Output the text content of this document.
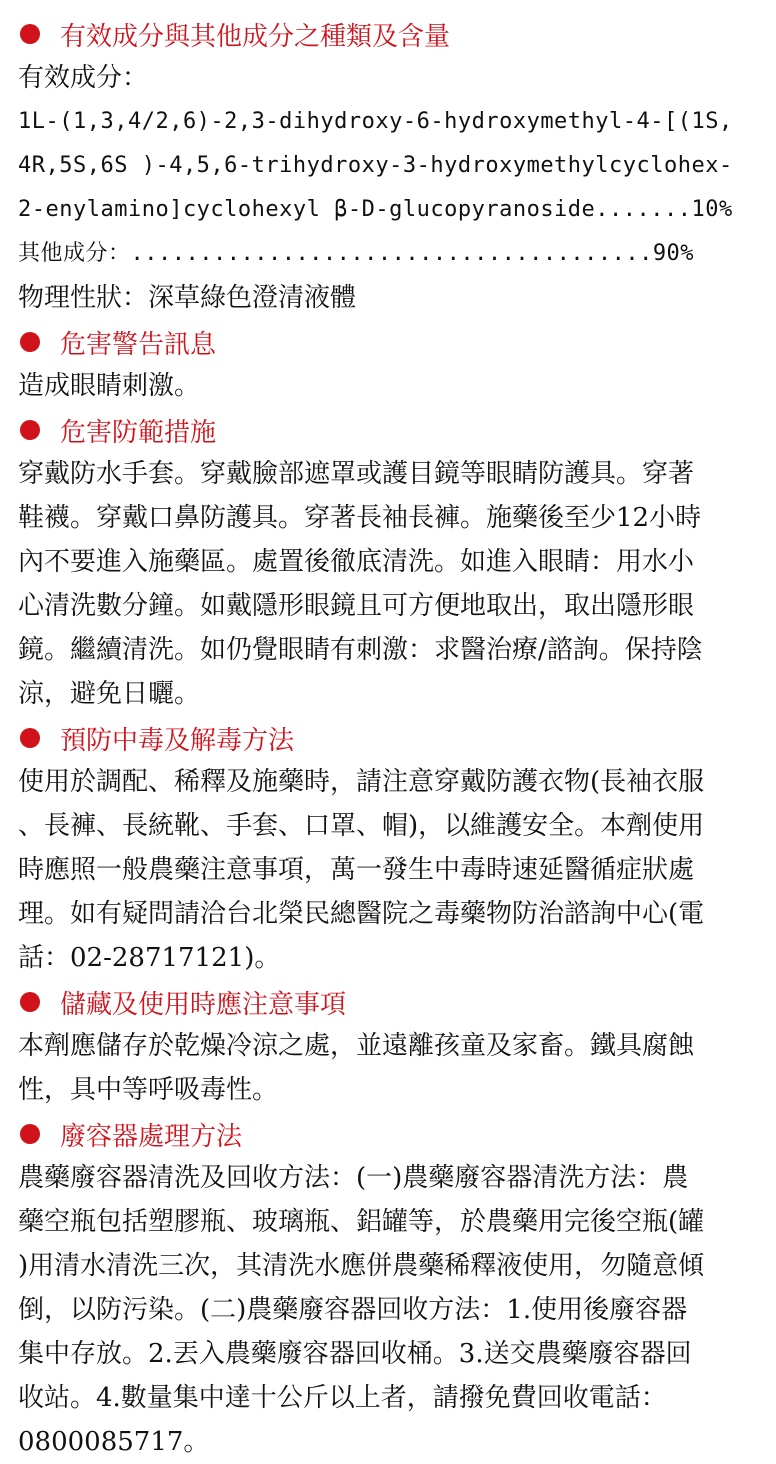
有效成分與其他成分之種類及含量
有效成分：
1L-(1,3,4/2,6)-2,3-dihydroxy-6-hydroxymethyl-4-[(1S,
4R,5S,6S )-4,5,6-trihydroxy-3-hydroxymethylcyclohex-
2-enylamino]cyclohexyl β-D-glucopyranoside.......10%
其他成分：......................................90%
物理性狀：深草綠色澄清液體
危害警告訊息
造成眼睛刺激。
危害防範措施
穿戴防水手套。穿戴臉部遮罩或護目鏡等眼睛防護具。穿著
鞋襪。穿戴口鼻防護具。穿著長袖長褲。施藥後至少12小時
內不要進入施藥區。處置後徹底清洗。如進入眼睛：用水小
心清洗數分鐘。如戴隱形眼鏡且可方便地取出，取出隱形眼
鏡。繼續清洗。如仍覺眼睛有刺激：求醫治療/諮詢。保持陰
涼，避免日曬。
預防中毒及解毒方法
使用於調配、稀釋及施藥時，請注意穿戴防護衣物(長袖衣服
、長褲、長統靴、手套、口罩、帽)，以維護安全。本劑使用
時應照一般農藥注意事項，萬一發生中毒時速延醫循症狀處
理。如有疑問請洽台北榮民總醫院之毒藥物防治諮詢中心(電
話：02-28717121)。
儲藏及使用時應注意事項
本劑應儲存於乾燥冷涼之處，並遠離孩童及家畜。鐵具腐蝕
性，具中等呼吸毒性。
廢容器處理方法
農藥廢容器清洗及回收方法：(一)農藥廢容器清洗方法：農
藥空瓶包括塑膠瓶、玻璃瓶、鋁罐等，於農藥用完後空瓶(罐
)用清水清洗三次，其清洗水應併農藥稀釋液使用，勿隨意傾
倒，以防污染。(二)農藥廢容器回收方法：1.使用後廢容器
集中存放。2.丟入農藥廢容器回收桶。3.送交農藥廢容器回
收站。4.數量集中達十公斤以上者，請撥免費回收電話：
0800085717。
